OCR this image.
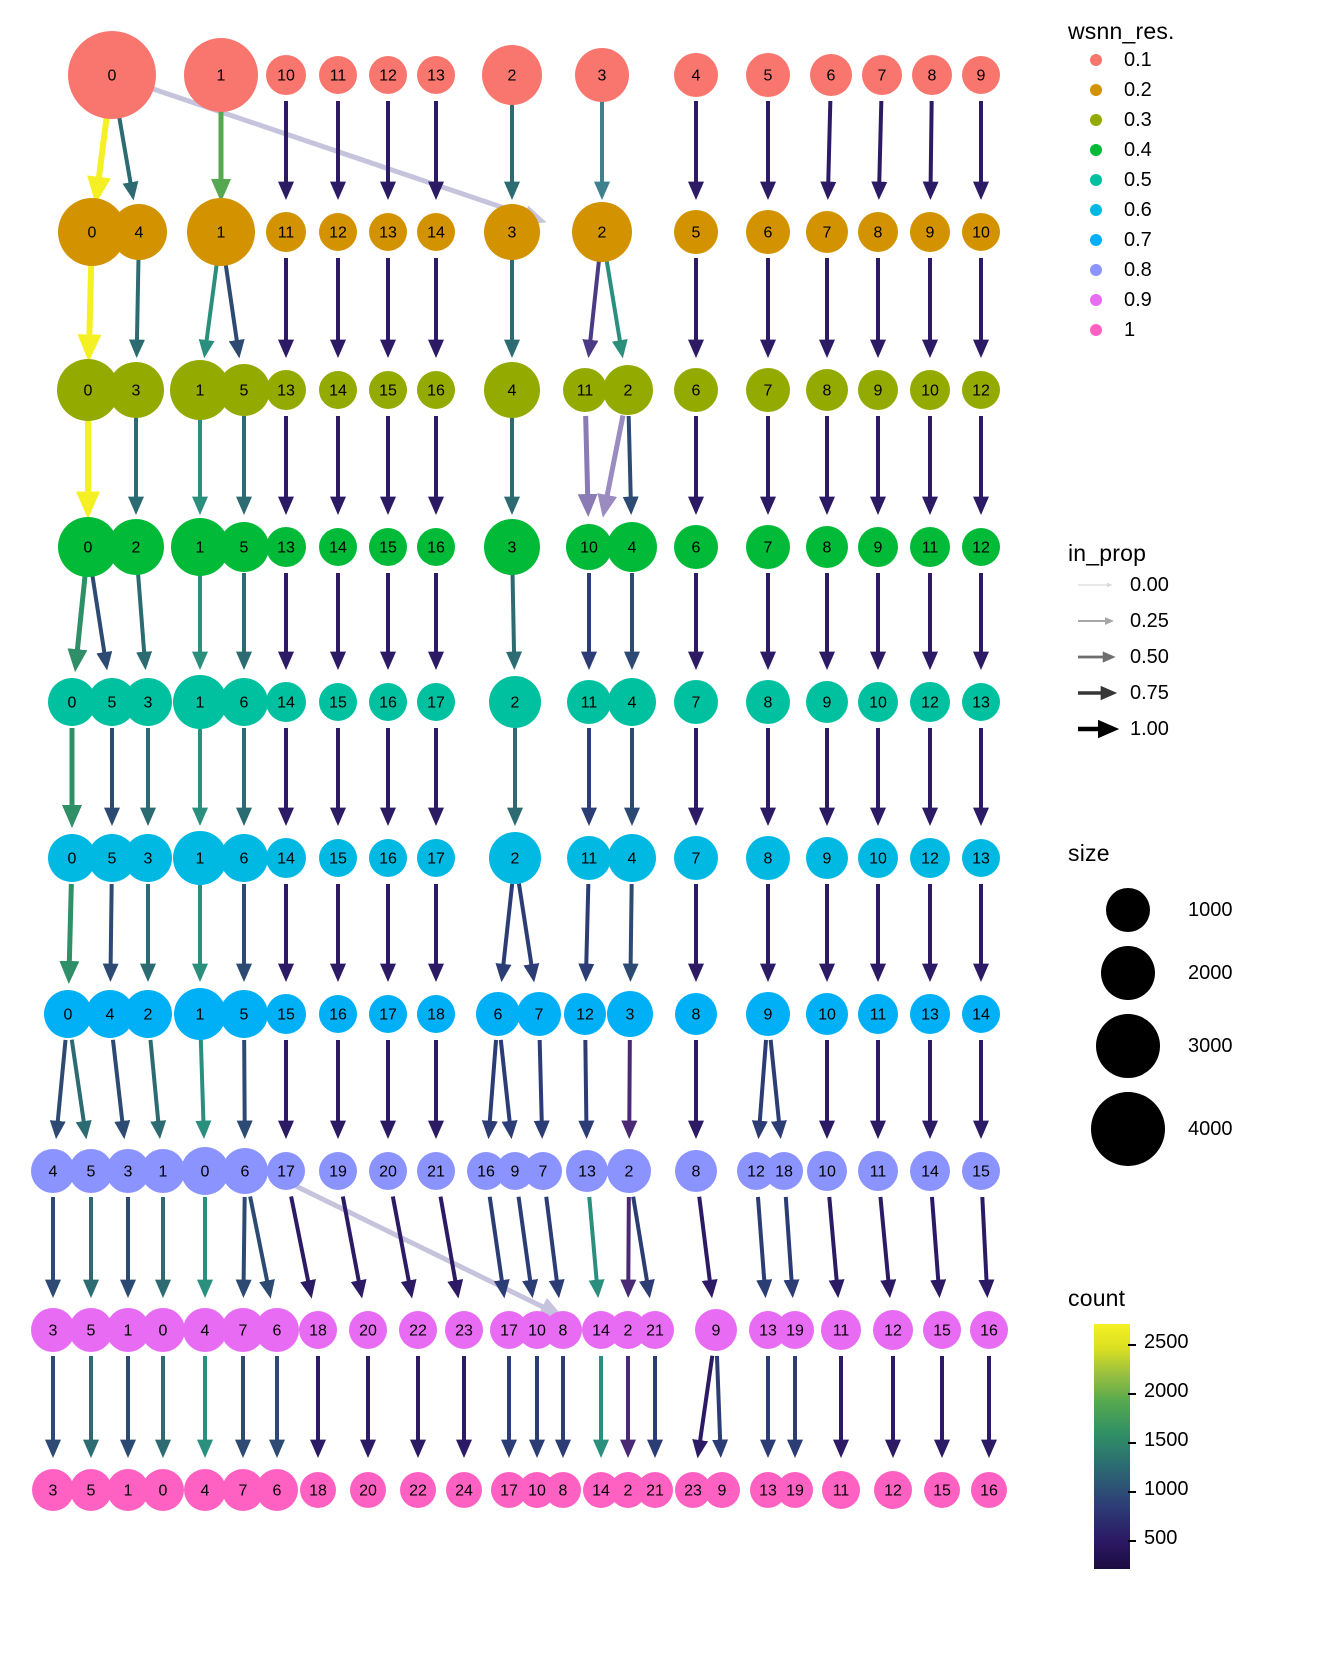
0	1	10 11 12 13	2	3	4	5	6	7	8	9
0 4	1	11 12 13 14	3	2	5	6	7	8	9 10
0 3	1 5 13 14 15 16	4	11 2	6	7	8	9 10 12
0 2	1 5 13 14 15 16	3	10 4	6	7	8	9 11 12
0 5 3	1 6 14 15 16 17	2	11 4	7	8	9 10 12 13
0 5 3	1 6 14 15 16 17	2	11 4	7	8	9 10 12 13
0 4 2	1 5 15 16 17 18	6 7 12 3	8	9	10 11 13 14
4 5 3 1 0 6 17 19 20 21 16 9 7 13 2	8	12 18 10 11 14 15
3 5 1 0 4 7 6 18 20 22 23 17 10 8 14 2 21	9 13 19 11 12 15 16
3 5 1 0 4 7 6 18 20 22 24 17 10 8 14 2 21 23 9 13 19 11 12 15 16
wsnn_res.
0.1
0.2
0.3
0.4
0.5
0.6
0.7
0.8
0.9
1
in_prop
0.00
0.25
0.50
0.75
1.00
size
1000
2000
3000
4000
count
2500
2000
1500
1000
500
